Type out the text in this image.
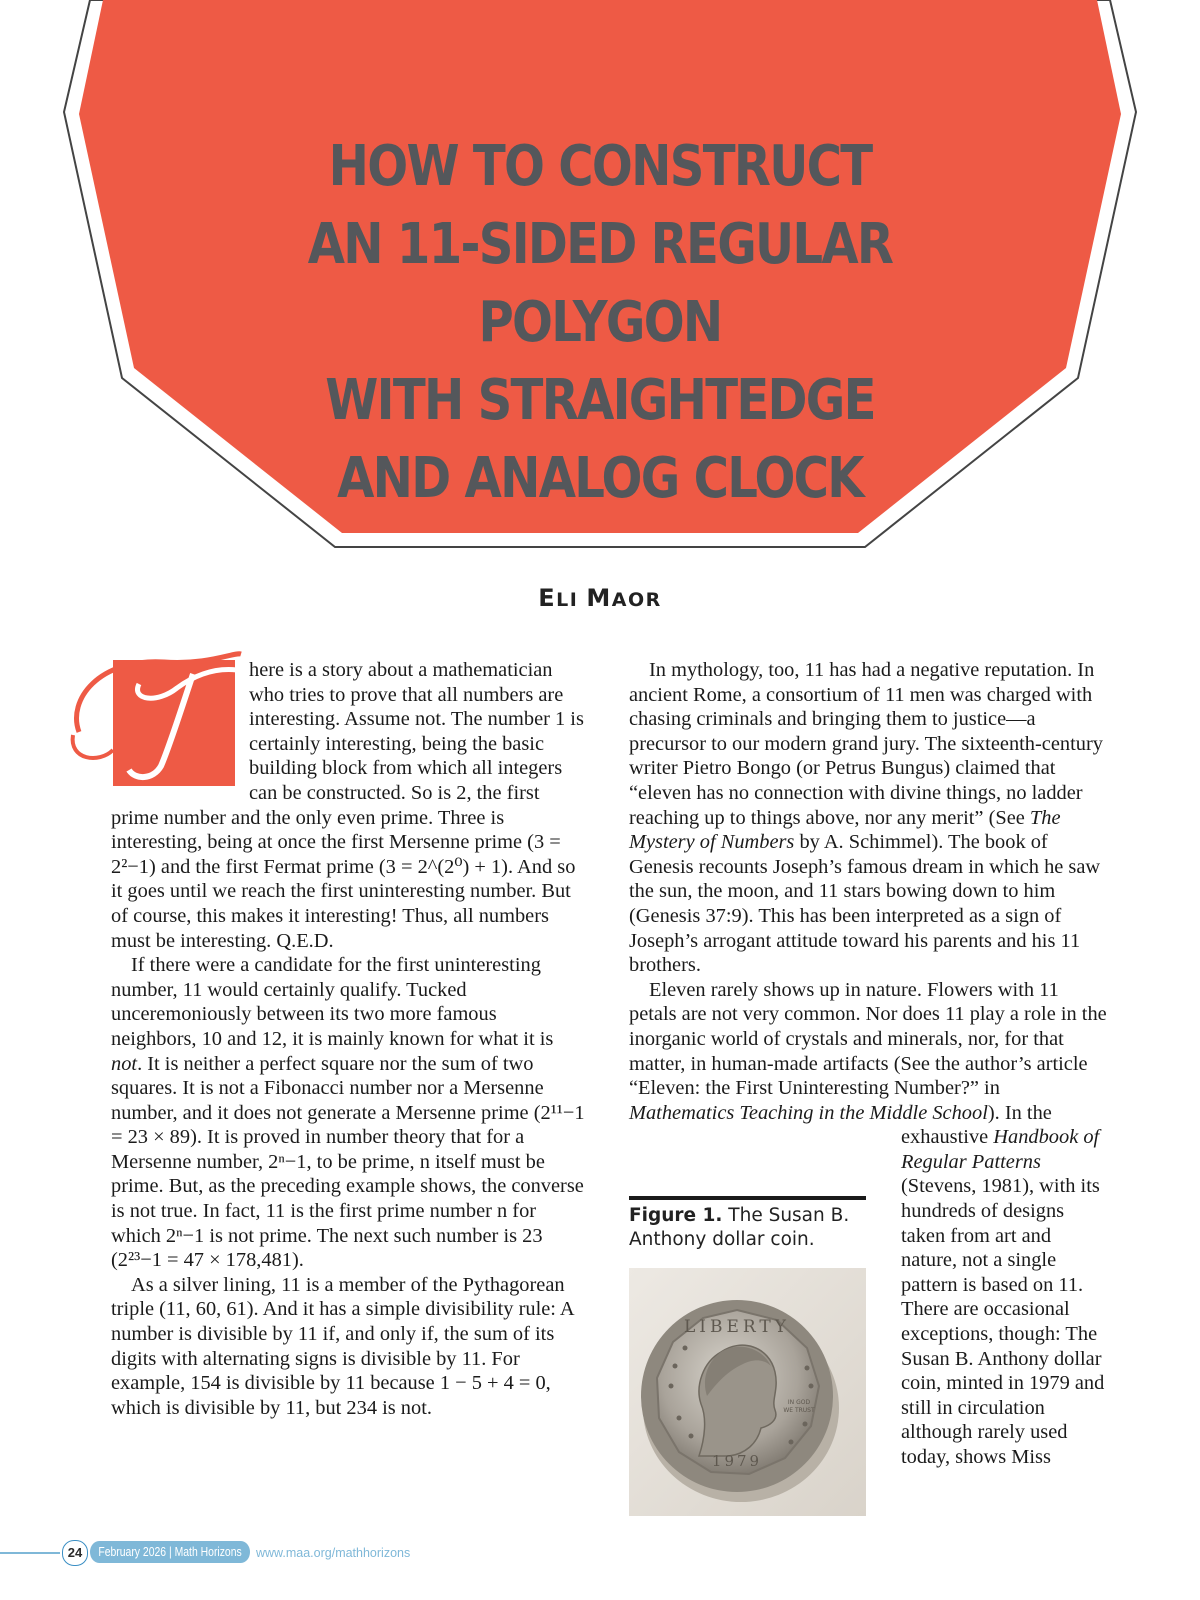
HOW TO CONSTRUCT
AN 11-SIDED REGULAR POLYGON
WITH STRAIGHTEDGE
AND ANALOG CLOCK
ELI MAOR
T

here is a story about a mathematician who tries to prove that all numbers are interesting. Assume not. The number 1 is certainly interesting, being the basic building block from which all integers can be constructed. So is 2, the first prime number and the only even prime. Three is interesting, being at once the first Mersenne prime (3 = 2²−1) and the first Fermat prime (3 = 2^(2⁰) + 1). And so it goes until we reach the first uninteresting number. But of course, this makes it interesting! Thus, all numbers must be interesting. Q.E.D.

If there were a candidate for the first uninteresting number, 11 would certainly qualify. Tucked unceremoniously between its two more famous neighbors, 10 and 12, it is mainly known for what it is not. It is neither a perfect square nor the sum of two squares. It is not a Fibonacci number nor a Mersenne number, and it does not generate a Mersenne prime (2¹¹−1 = 23 × 89). It is proved in number theory that for a Mersenne number, 2ⁿ−1, to be prime, n itself must be prime. But, as the preceding example shows, the converse is not true. In fact, 11 is the first prime number n for which 2ⁿ−1 is not prime. The next such number is 23 (2²³−1 = 47 × 178,481).

As a silver lining, 11 is a member of the Pythagorean triple (11, 60, 61). And it has a simple divisibility rule: A number is divisible by 11 if, and only if, the sum of its digits with alternating signs is divisible by 11. For example, 154 is divisible by 11 because 1 − 5 + 4 = 0, which is divisible by 11, but 234 is not.

In mythology, too, 11 has had a negative reputation. In ancient Rome, a consortium of 11 men was charged with chasing criminals and bringing them to justice—a precursor to our modern grand jury. The sixteenth-century writer Pietro Bongo (or Petrus Bungus) claimed that “eleven has no connection with divine things, no ladder reaching up to things above, nor any merit” (See The Mystery of Numbers by A. Schimmel). The book of Genesis recounts Joseph’s famous dream in which he saw the sun, the moon, and 11 stars bowing down to him (Genesis 37:9). This has been interpreted as a sign of Joseph’s arrogant attitude toward his parents and his 11 brothers.

Eleven rarely shows up in nature. Flowers with 11 petals are not very common. Nor does 11 play a role in the inorganic world of crystals and minerals, nor, for that matter, in human-made artifacts (See the author’s article “Eleven: the First Uninteresting Number?” in Mathematics Teaching in the Middle School). In the exhaustive
Handbook of Regular Patterns (Stevens, 1981), with its hundreds of designs taken from art and nature, not a single pattern is based on 11. There are occasional exceptions, though: The Susan B. Anthony dollar coin, minted in 1979 and still in circulation although rarely used today, shows Miss

Figure 1. The Susan B. Anthony dollar coin.
LIBERTY
1979
IN GOD
WE TRUST
24	February 2026 | Math Horizons	www.maa.org/mathhorizons
